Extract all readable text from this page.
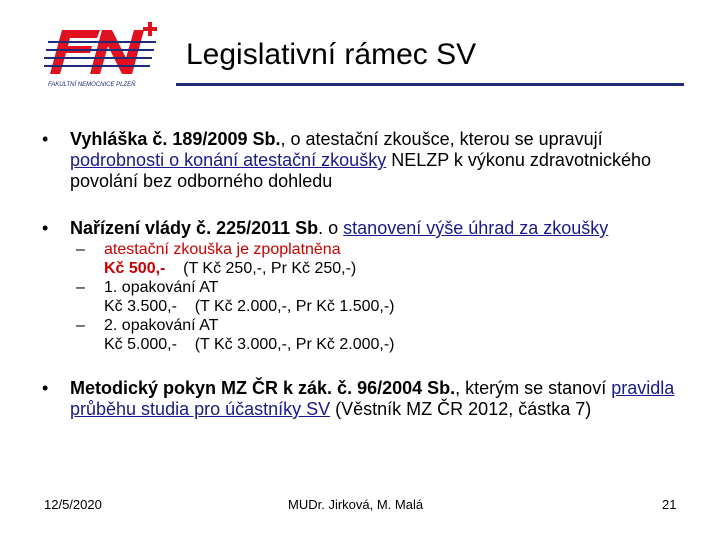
FAKULTNÍ NEMOCNICE PLZEŇ
Legislativní rámec SV
• Vyhláška č. 189/2009 Sb., o atestační zkoušce, kterou se upravují podrobnosti o konání atestační zkoušky NELZP k výkonu zdravotnického povolání bez odborného dohledu
• Nařízení vlády č. 225/2011 Sb. o stanovení výše úhrad za zkoušky
– atestační zkouška je zpoplatněna
Kč 500,- (T Kč 250,-, Pr Kč 250,-)
– 1. opakování AT
Kč 3.500,- (T Kč 2.000,-, Pr Kč 1.500,-)
– 2. opakování AT
Kč 5.000,- (T Kč 3.000,-, Pr Kč 2.000,-)
• Metodický pokyn MZ ČR k zák. č. 96/2004 Sb., kterým se stanoví pravidla průběhu studia pro účastníky SV (Věstník MZ ČR 2012, částka 7)
12/5/2020	MUDr. Jirková, M. Malá	21
